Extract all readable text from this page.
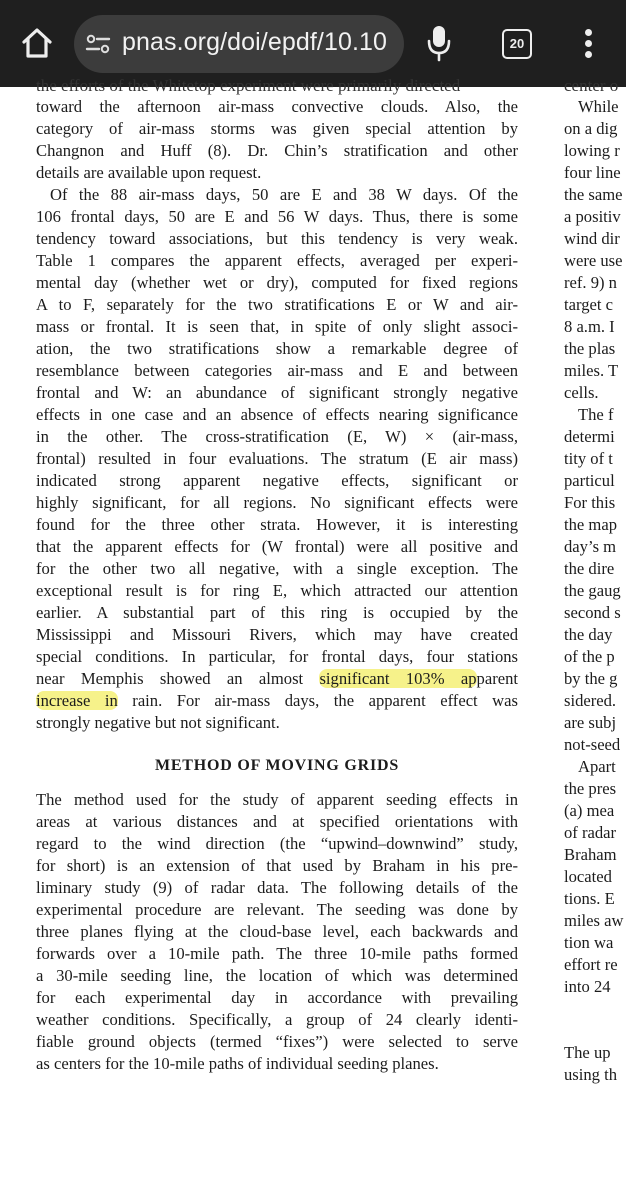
pnas.org/doi/epdf/10.10	20
the efforts of the Whitetop experiment were primarily directed	center o
toward the afternoon air-mass convective clouds. Also, the
category of air-mass storms was given special attention by
Changnon and Huff (8). Dr. Chin’s stratification and other
details are available upon request.
Of the 88 air-mass days, 50 are E and 38 W days. Of the
106 frontal days, 50 are E and 56 W days. Thus, there is some
tendency toward associations, but this tendency is very weak.
Table 1 compares the apparent effects, averaged per experi-
mental day (whether wet or dry), computed for fixed regions
A to F, separately for the two stratifications E or W and air-
mass or frontal. It is seen that, in spite of only slight associ-
ation, the two stratifications show a remarkable degree of
resemblance between categories air-mass and E and between
frontal and W: an abundance of significant strongly negative
effects in one case and an absence of effects nearing significance
in the other. The cross-stratification (E, W) × (air-mass,
frontal) resulted in four evaluations. The stratum (E air mass)
indicated strong apparent negative effects, significant or
highly significant, for all regions. No significant effects were
found for the three other strata. However, it is interesting
that the apparent effects for (W frontal) were all positive and
for the other two all negative, with a single exception. The
exceptional result is for ring E, which attracted our attention
earlier. A substantial part of this ring is occupied by the
Mississippi and Missouri Rivers, which may have created
special conditions. In particular, for frontal days, four stations
near Memphis showed an almost significant 103% apparent
increase in rain. For air-mass days, the apparent effect was
strongly negative but not significant.
METHOD OF MOVING GRIDS
The method used for the study of apparent seeding effects in
areas at various distances and at specified orientations with
regard to the wind direction (the “upwind–downwind” study,
for short) is an extension of that used by Braham in his pre-
liminary study (9) of radar data. The following details of the
experimental procedure are relevant. The seeding was done by
three planes flying at the cloud-base level, each backwards and
forwards over a 10-mile path. The three 10-mile paths formed
a 30-mile seeding line, the location of which was determined
for each experimental day in accordance with prevailing
weather conditions. Specifically, a group of 24 clearly identi-
fiable ground objects (termed “fixes”) were selected to serve
as centers for the 10-mile paths of individual seeding planes.
While
on a dig
lowing r
four line
the same
a positiv
wind dir
were use
ref. 9) n
target c
8 a.m. I
the plas
miles. T
cells.
The f
determi
tity of t
particul
For this
the map
day’s m
the dire
the gaug
second s
the day
of the p
by the g
sidered.
are subj
not-seed
Apart
the pres
(a) mea
of radar
Braham
located
tions. E
miles aw
tion wa
effort re
into 24
The up
using th
